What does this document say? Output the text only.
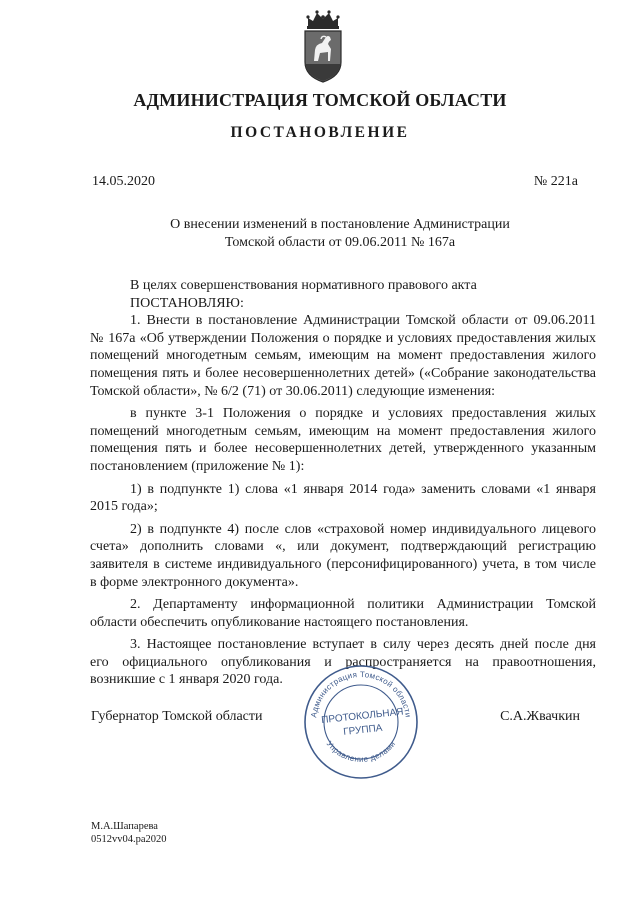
АДМИНИСТРАЦИЯ ТОМСКОЙ ОБЛАСТИ
ПОСТАНОВЛЕНИЕ
14.05.2020	№ 221а
О внесении изменений в постановление Администрации
Томской области от 09.06.2011 № 167а

В целях совершенствования нормативного правового акта

ПОСТАНОВЛЯЮ:

1. Внести в постановление Администрации Томской области от 09.06.2011

№ 167а «Об утверждении Положения о порядке и условиях предоставления жилых

помещений многодетным семьям, имеющим на момент предоставления жилого

помещения пять и более несовершеннолетних детей» («Собрание законодательства

Томской области», № 6/2 (71) от 30.06.2011) следующие изменения:

в пункте 3-1 Положения о порядке и условиях предоставления жилых

помещений многодетным семьям, имеющим на момент предоставления жилого

помещения пять и более несовершеннолетних детей, утвержденного указанным

постановлением (приложение № 1):

1) в подпункте 1) слова «1 января 2014 года» заменить словами «1 января

2015 года»;

2) в подпункте 4) после слов «страховой номер индивидуального лицевого

счета» дополнить словами «, или документ, подтверждающий регистрацию

заявителя в системе индивидуального (персонифицированного) учета, в том числе

в форме электронного документа».

2. Департаменту информационной политики Администрации Томской

области обеспечить опубликование настоящего постановления.

3. Настоящее постановление вступает в силу через десять дней после дня

его официального опубликования и распространяется на правоотношения,

возникшие с 1 января 2020 года.

Губернатор Томской области	С.А.Жвачкин
Администрация Томской области
Управление делами
ПРОТОКОЛЬНАЯ
ГРУППА
М.А.Шапарева
0512vv04.pa2020
